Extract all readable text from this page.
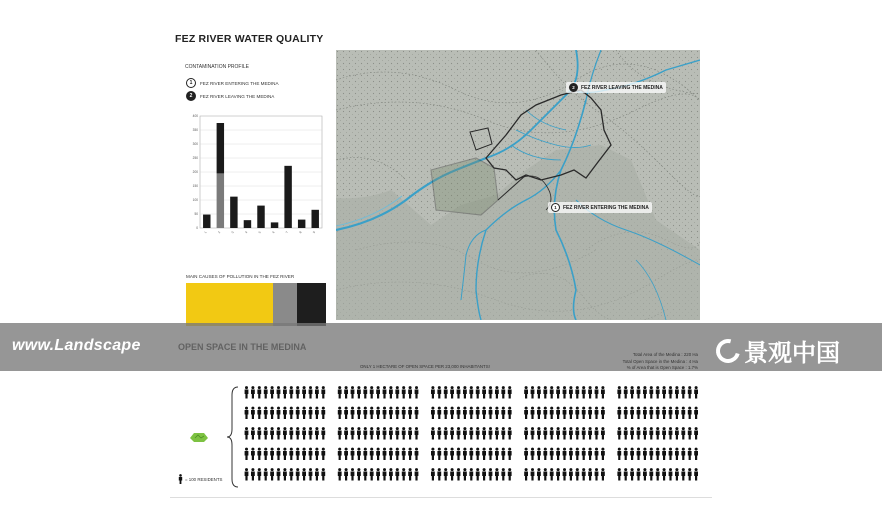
FEZ RIVER WATER QUALITY
CONTAMINATION PROFILE
1	FEZ RIVER ENTERING THE MEDINA
2	FEZ RIVER LEAVING THE MEDINA
0
50
100
150
200
250
300
350
400
1	2	3	4	5	6	7	8	9
MAIN CAUSES OF POLLUTION IN THE FEZ RIVER
2	FEZ RIVER LEAVING THE MEDINA
1	FEZ RIVER ENTERING THE MEDINA
www.Landscape	景观中国
ONLY 1 HECTARE OF OPEN SPACE PER 23,000 INHABITANTS!
Total Area of the Medina : 220 Ha
Total Open Space in the Medina : 4 Ha
% of Area that is Open Space : 1.7%
= 100 RESIDENTS
